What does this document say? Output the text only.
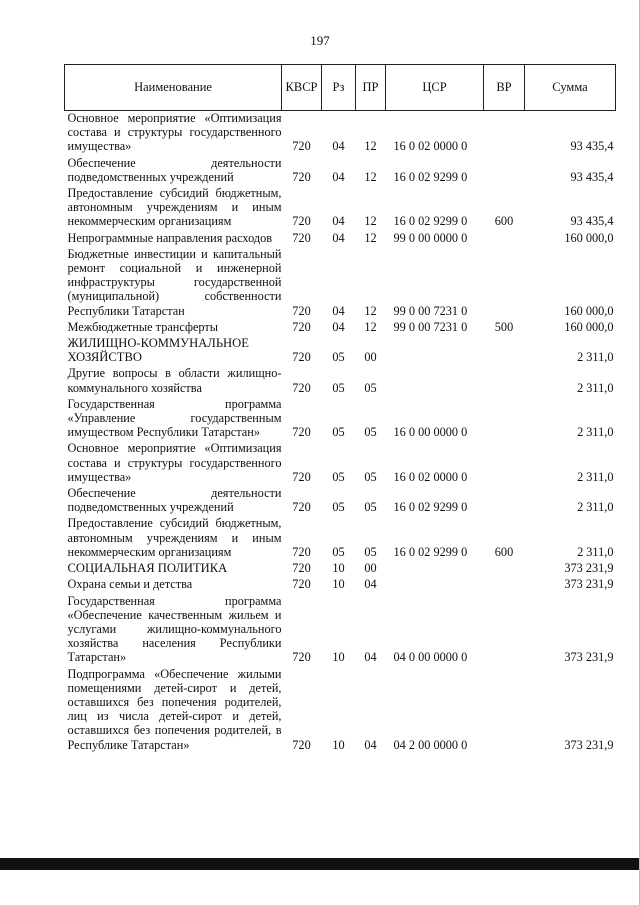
197
Наименование	КВСР	Рз	ПР	ЦСР	ВР	Сумма
Основное мероприятие «Оптимизация состава и структуры государственного имущества»	720	04	12	16 0 02 0000 0		93 435,4
Обеспечение деятельности подведомственных учреждений	720	04	12	16 0 02 9299 0		93 435,4
Предоставление субсидий бюджетным, автономным учреждениям и иным некоммерческим организациям	720	04	12	16 0 02 9299 0	600	93 435,4
Непрограммные направления расходов	720	04	12	99 0 00 0000 0		160 000,0
Бюджетные инвестиции и капитальный ремонт социальной и инженерной инфраструктуры государственной (муниципальной) собственности Республики Татарстан	720	04	12	99 0 00 7231 0		160 000,0
Межбюджетные трансферты	720	04	12	99 0 00 7231 0	500	160 000,0
ЖИЛИЩНО-КОММУНАЛЬНОЕ ХОЗЯЙСТВО	720	05	00			2 311,0
Другие вопросы в области жилищно-коммунального хозяйства	720	05	05			2 311,0
Государственная программа «Управление государственным имуществом Республики Татарстан»	720	05	05	16 0 00 0000 0		2 311,0
Основное мероприятие «Оптимизация состава и структуры государственного имущества»	720	05	05	16 0 02 0000 0		2 311,0
Обеспечение деятельности подведомственных учреждений	720	05	05	16 0 02 9299 0		2 311,0
Предоставление субсидий бюджетным, автономным учреждениям и иным некоммерческим организациям	720	05	05	16 0 02 9299 0	600	2 311,0
СОЦИАЛЬНАЯ ПОЛИТИКА	720	10	00			373 231,9
Охрана семьи и детства	720	10	04			373 231,9
Государственная программа «Обеспечение качественным жильем и услугами жилищно-коммунального хозяйства населения Республики Татарстан»	720	10	04	04 0 00 0000 0		373 231,9
Подпрограмма «Обеспечение жилыми помещениями детей-сирот и детей, оставшихся без попечения родителей, лиц из числа детей-сирот и детей, оставшихся без попечения родителей, в Республике Татарстан»	720	10	04	04 2 00 0000 0		373 231,9
